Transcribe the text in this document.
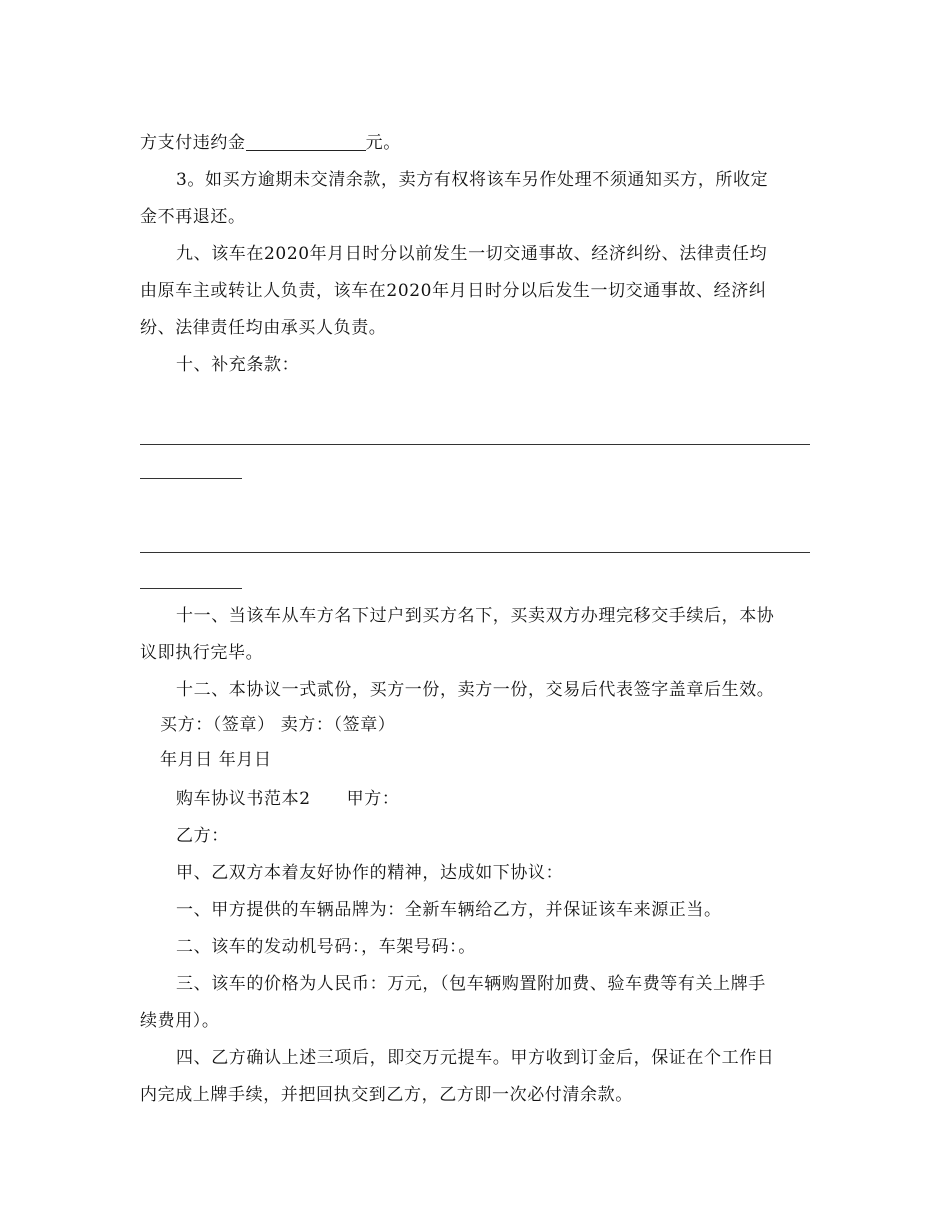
方支付违约金	元。
3。如买方逾期未交清余款，卖方有权将该车另作处理不须通知买方，所收定
金不再退还。
九、该车在2020年月日时分以前发生一切交通事故、经济纠纷、法律责任均
由原车主或转让人负责，该车在2020年月日时分以后发生一切交通事故、经济纠
纷、法律责任均由承买人负责。
十、补充条款：
十一、当该车从车方名下过户到买方名下，买卖双方办理完移交手续后，本协
议即执行完毕。
十二、本协议一式贰份，买方一份，卖方一份，交易后代表签字盖章后生效。
买方：（签章） 卖方：（签章）
年月日 年月日
购车协议书范本2 甲方：
乙方：
甲、乙双方本着友好协作的精神，达成如下协议：
一、甲方提供的车辆品牌为：全新车辆给乙方，并保证该车来源正当。
二、该车的发动机号码：，车架号码：。
三、该车的价格为人民币：万元，（包车辆购置附加费、验车费等有关上牌手
续费用）。
四、乙方确认上述三项后，即交万元提车。甲方收到订金后，保证在个工作日
内完成上牌手续，并把回执交到乙方，乙方即一次必付清余款。
